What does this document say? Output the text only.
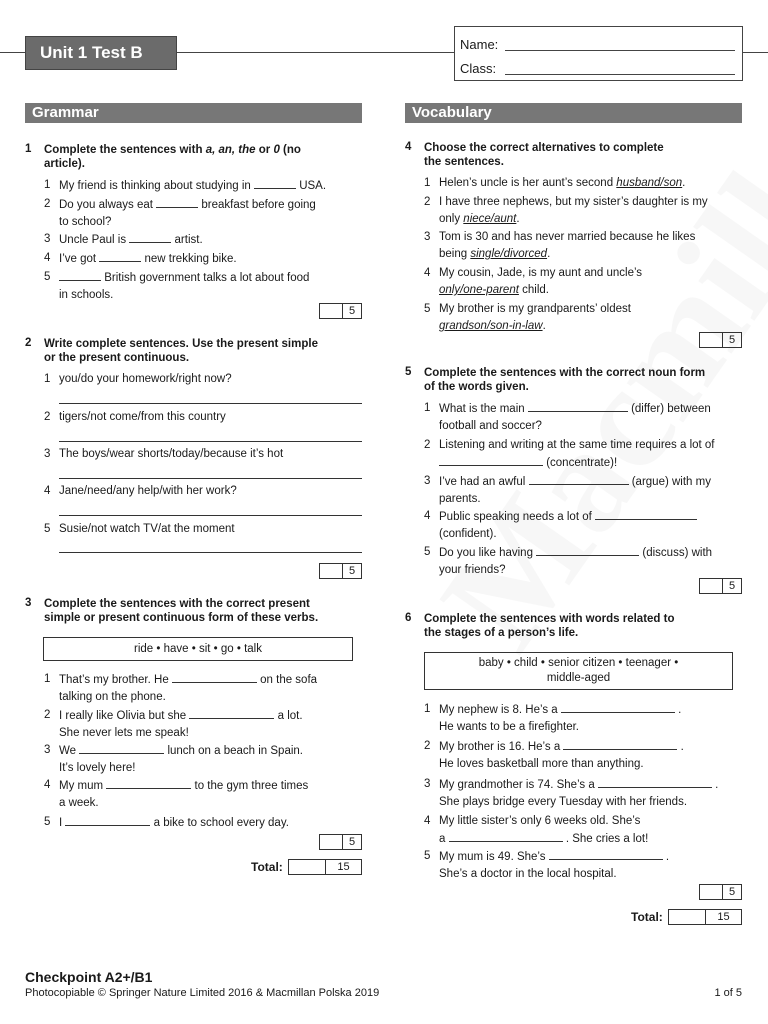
Unit 1 Test B	Name:
Class:
Grammar	Vocabulary
1 Complete the sentences with a, an, the or 0 (no
article).
1 My friend is thinking about studying in	USA.
2 Do you always eat	breakfast before going
to school?
3 Uncle Paul is	artist.
4 I’ve got	new trekking bike.
5	British government talks a lot about food
in schools.
5
2 Write complete sentences. Use the present simple
or the present continuous.
1 you/do your homework/right now?
2 tigers/not come/from this country
3 The boys/wear shorts/today/because it’s hot
4 Jane/need/any help/with her work?
5 Susie/not watch TV/at the moment
5
3 Complete the sentences with the correct present
simple or present continuous form of these verbs.
ride • have • sit • go • talk
1 That’s my brother. He	on the sofa
talking on the phone.
2 I really like Olivia but she	a lot.
She never lets me speak!
3 We	lunch on a beach in Spain.
It’s lovely here!
4 My mum	to the gym three times
a week.
5 I	a bike to school every day.
5
Total:	15
4 Choose the correct alternatives to complete
the sentences.
1 Helen’s uncle is her aunt’s second husband/son.
2 I have three nephews, but my sister’s daughter is my
only niece/aunt.
3 Tom is 30 and has never married because he likes
being single/divorced.
4 My cousin, Jade, is my aunt and uncle’s
only/one-parent child.
5 My brother is my grandparents’ oldest
grandson/son-in-law.
5
5 Complete the sentences with the correct noun form
of the words given.
1 What is the main	(differ) between
football and soccer?
2 Listening and writing at the same time requires a lot of
(concentrate)!
3 I’ve had an awful	(argue) with my
parents.
4 Public speaking needs a lot of
(confident).
5 Do you like having	(discuss) with
your friends?
5
6 Complete the sentences with words related to
the stages of a person’s life.
baby • child • senior citizen • teenager •
middle-aged
1 My nephew is 8. He’s a	.
He wants to be a firefighter.
2 My brother is 16. He’s a	.
He loves basketball more than anything.
3 My grandmother is 74. She’s a	.
She plays bridge every Tuesday with her friends.
4 My little sister’s only 6 weeks old. She’s
a	. She cries a lot!
5 My mum is 49. She’s	.
She’s a doctor in the local hospital.
5
Total:	15
Checkpoint A2+/B1
Photocopiable © Springer Nature Limited 2016 & Macmillan Polska 2019	1 of 5
